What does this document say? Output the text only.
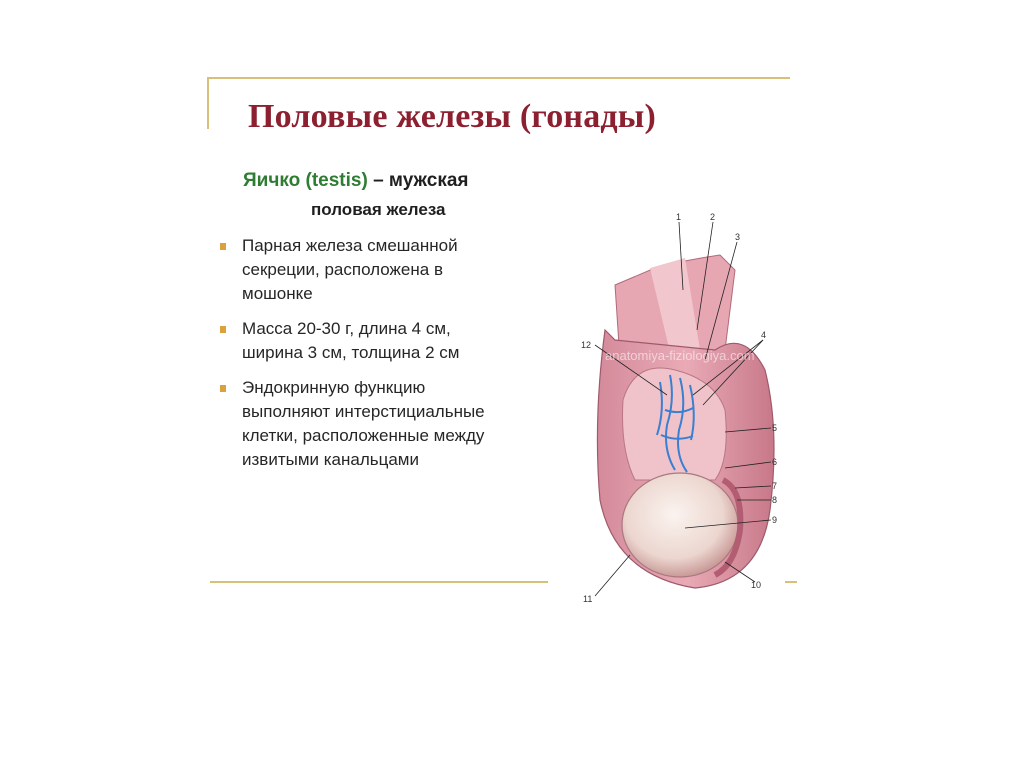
Половые железы (гонады)
Яичко (testis) – мужская
половая железа
Парная железа смешанной
секреции, расположена в
мошонке
Масса 20-30 г, длина 4 см,
ширина 3 см, толщина 2 см
Эндокринную функцию
выполняют интерстициальные
клетки, расположенные между
извитыми канальцами
1	2
3
4
5
6
7
8
9
10
11
12
anatomiya-fiziologiya.com
